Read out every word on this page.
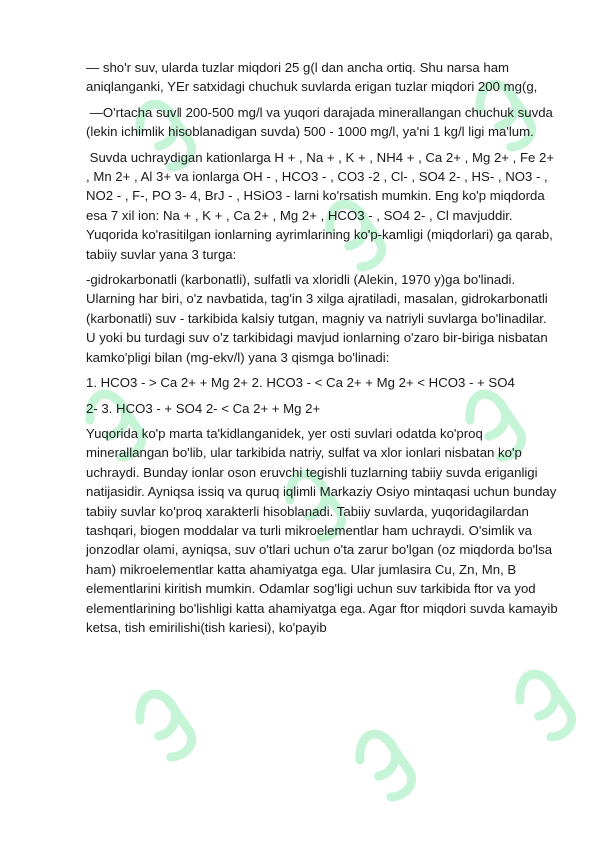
— sho'r suv, ularda tuzlar miqdori 25 g(l dan ancha ortiq. Shu narsa ham aniqlanganki, YEr satxidagi chuchuk suvlarda erigan tuzlar miqdori 200 mg(g,

—O'rtacha suv‖ 200-500 mg/l va yuqori darajada minerallangan chuchuk suvda (lekin ichimlik hisoblanadigan suvda) 500 - 1000 mg/l, ya'ni 1 kg/l ligi ma'lum.

Suvda uchraydigan kationlarga H + , Na + , K + , NH4 + , Ca 2+ , Mg 2+ , Fe 2+ , Mn 2+ , Al 3+ va ionlarga OH - , HCO3 - , CO3 -2 , Cl- , SO4 2- , HS- , NO3 - , NO2 - , F-, PO 3- 4, BrJ - , HSiO3 - larni ko'rsatish mumkin. Eng ko'p miqdorda esa 7 xil ion: Na + , K + , Ca 2+ , Mg 2+ , HCO3 - , SO4 2- , Cl mavjuddir. Yuqorida ko'rasitilgan ionlarning ayrimlarining ko'p-kamligi (miqdorlari) ga qarab, tabiiy suvlar yana 3 turga:

-gidrokarbonatli (karbonatli), sulfatli va xloridli (Alekin, 1970 y)ga bo'linadi. Ularning har biri, o'z navbatida, tag'in 3 xilga ajratiladi, masalan, gidrokarbonatli (karbonatli) suv - tarkibida kalsiy tutgan, magniy va natriyli suvlarga bo'linadilar. U yoki bu turdagi suv o'z tarkibidagi mavjud ionlarning o'zaro bir-biriga nisbatan kamko'pligi bilan (mg-ekv/l) yana 3 qismga bo'linadi:

1. HCO3 - > Ca 2+ + Mg 2+ 2. HCO3 - < Ca 2+ + Mg 2+ < HCO3 - + SO4

2- 3. HCO3 - + SO4 2- < Ca 2+ + Mg 2+

Yuqorida ko'p marta ta'kidlanganidek, yer osti suvlari odatda ko'proq minerallangan bo'lib, ular tarkibida natriy, sulfat va xlor ionlari nisbatan ko'p uchraydi. Bunday ionlar oson eruvchi tegishli tuzlarning tabiiy suvda eriganligi natijasidir. Ayniqsa issiq va quruq iqlimli Markaziy Osiyo mintaqasi uchun bunday tabiiy suvlar ko'proq xarakterli hisoblanadi. Tabiiy suvlarda, yuqoridagilardan tashqari, biogen moddalar va turli mikroelementlar ham uchraydi. O'simlik va jonzodlar olami, ayniqsa, suv o'tlari uchun o'ta zarur bo'lgan (oz miqdorda bo'lsa ham) mikroelementlar katta ahamiyatga ega. Ular jumlasira Cu, Zn, Mn, B elementlarini kiritish mumkin. Odamlar sog'ligi uchun suv tarkibida ftor va yod elementlarining bo'lishligi katta ahamiyatga ega. Agar ftor miqdori suvda kamayib ketsa, tish emirilishi(tish kariesi), ko'payib
